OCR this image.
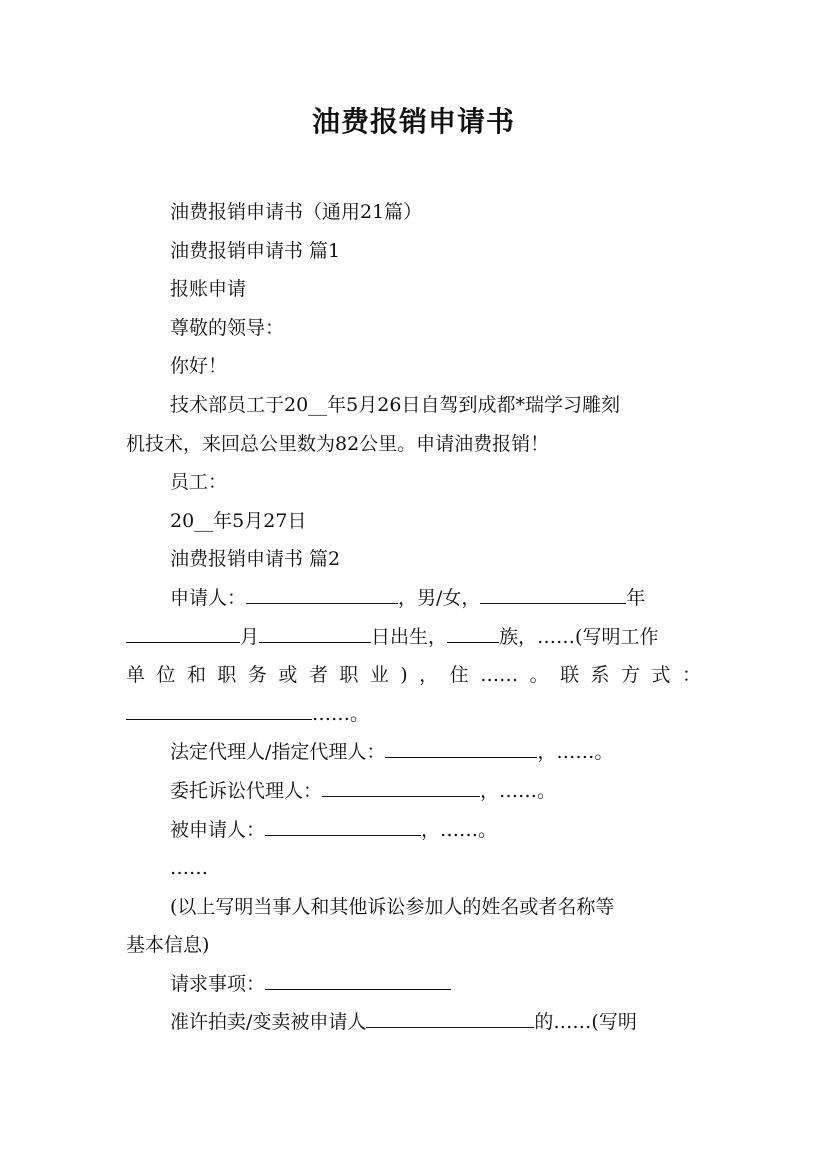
油费报销申请书

油费报销申请书（通用21篇）

油费报销申请书 篇1

报账申请

尊敬的领导：

你好！

技术部员工于20__年5月26日自驾到成都*瑞学习雕刻

机技术，来回总公里数为82公里。申请油费报销！

员工：

20__年5月27日

油费报销申请书 篇2

申请人：	，男/女，	年

月	日出生，	族，……(写明工作

单位和职务或者职业)，住……。联系方式：

……。

法定代理人/指定代理人：	，……。

委托诉讼代理人：	，……。

被申请人：	，……。

……

(以上写明当事人和其他诉讼参加人的姓名或者名称等

基本信息)

请求事项：

准许拍卖/变卖被申请人	的……(写明
